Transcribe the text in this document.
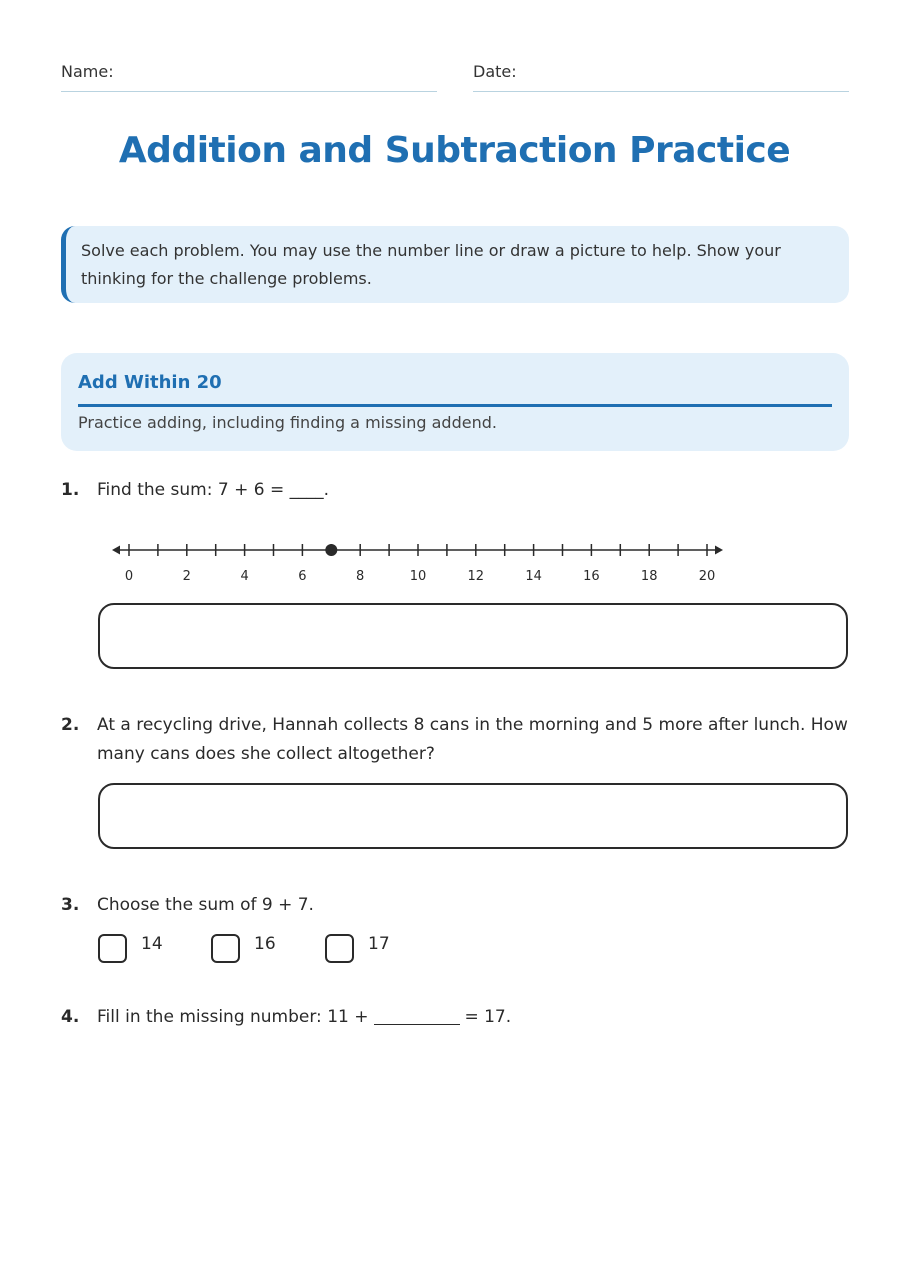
Name:	Date:
Addition and Subtraction Practice
Solve each problem. You may use the number line or draw a picture to help. Show your thinking for the challenge problems.
Add Within 20
Practice adding, including finding a missing addend.
1. Find the sum: 7 + 6 = ____.
0	2	4	6	8	10	12	14	16	18	20
2. At a recycling drive, Hannah collects 8 cans in the morning and 5 more after lunch. How many cans does she collect altogether?
3. Choose the sum of 9 + 7.
14	16	17
4. Fill in the missing number: 11 +	= 17.
